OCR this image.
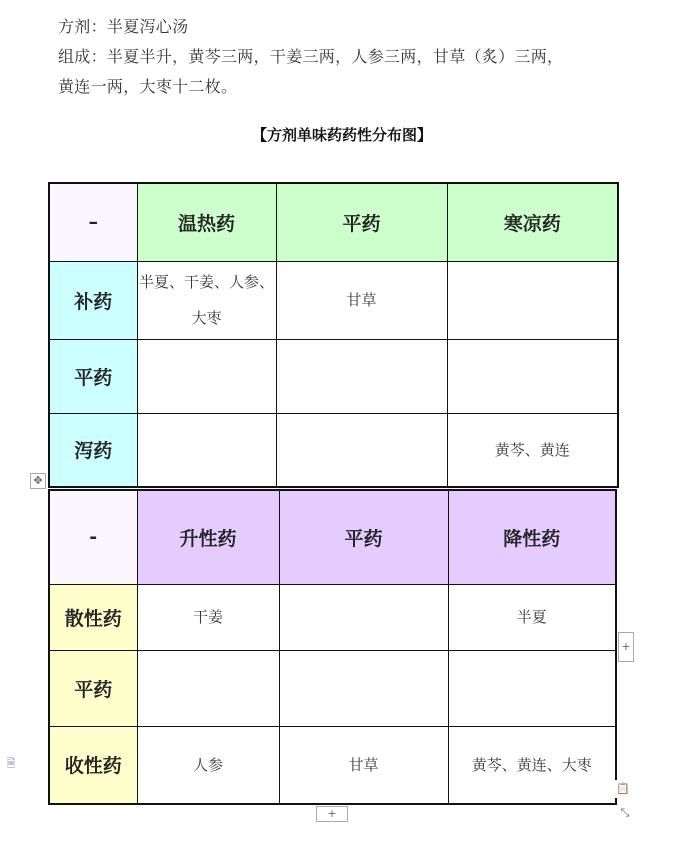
方剂：半夏泻心汤
组成：半夏半升，黄芩三两，干姜三两，人参三两，甘草（炙）三两，
黄连一两，大枣十二枚。
【方剂单味药药性分布图】
–	温热药	平药	寒凉药
补药	半夏、干姜、人参、大枣	甘草	
平药			
泻药			黄芩、黄连
-	升性药	平药	降性药
散性药	干姜		半夏
平药			
收性药	人参	甘草	黄芩、黄连、大枣
✥
+
+	⤡
📋
🗎
